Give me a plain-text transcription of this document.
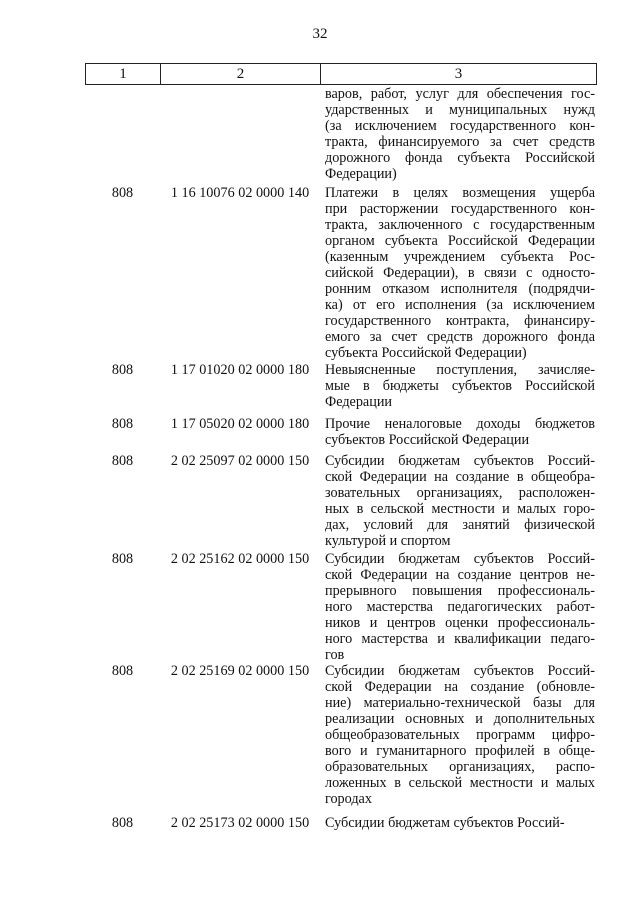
32
1	2	3
варов, работ, услуг для обеспечения гос-
ударственных и муниципальных нужд
(за исключением государственного кон-
тракта, финансируемого за счет средств
дорожного фонда субъекта Российской
Федерации)
808	1 16 10076 02 0000 140	Платежи в целях возмещения ущерба
при расторжении государственного кон-
тракта, заключенного с государственным
органом субъекта Российской Федерации
(казенным учреждением субъекта Рос-
сийской Федерации), в связи с односто-
ронним отказом исполнителя (подрядчи-
ка) от его исполнения (за исключением
государственного контракта, финансиру-
емого за счет средств дорожного фонда
субъекта Российской Федерации)
808	1 17 01020 02 0000 180	Невыясненные поступления, зачисляе-
мые в бюджеты субъектов Российской
Федерации
808	1 17 05020 02 0000 180	Прочие неналоговые доходы бюджетов
субъектов Российской Федерации
808	2 02 25097 02 0000 150	Субсидии бюджетам субъектов Россий-
ской Федерации на создание в общеобра-
зовательных организациях, расположен-
ных в сельской местности и малых горо-
дах, условий для занятий физической
культурой и спортом
808	2 02 25162 02 0000 150	Субсидии бюджетам субъектов Россий-
ской Федерации на создание центров не-
прерывного повышения профессиональ-
ного мастерства педагогических работ-
ников и центров оценки профессиональ-
ного мастерства и квалификации педаго-
гов
808	2 02 25169 02 0000 150	Субсидии бюджетам субъектов Россий-
ской Федерации на создание (обновле-
ние) материально-технической базы для
реализации основных и дополнительных
общеобразовательных программ цифро-
вого и гуманитарного профилей в обще-
образовательных организациях, распо-
ложенных в сельской местности и малых
городах
808	2 02 25173 02 0000 150	Субсидии бюджетам субъектов Россий-
